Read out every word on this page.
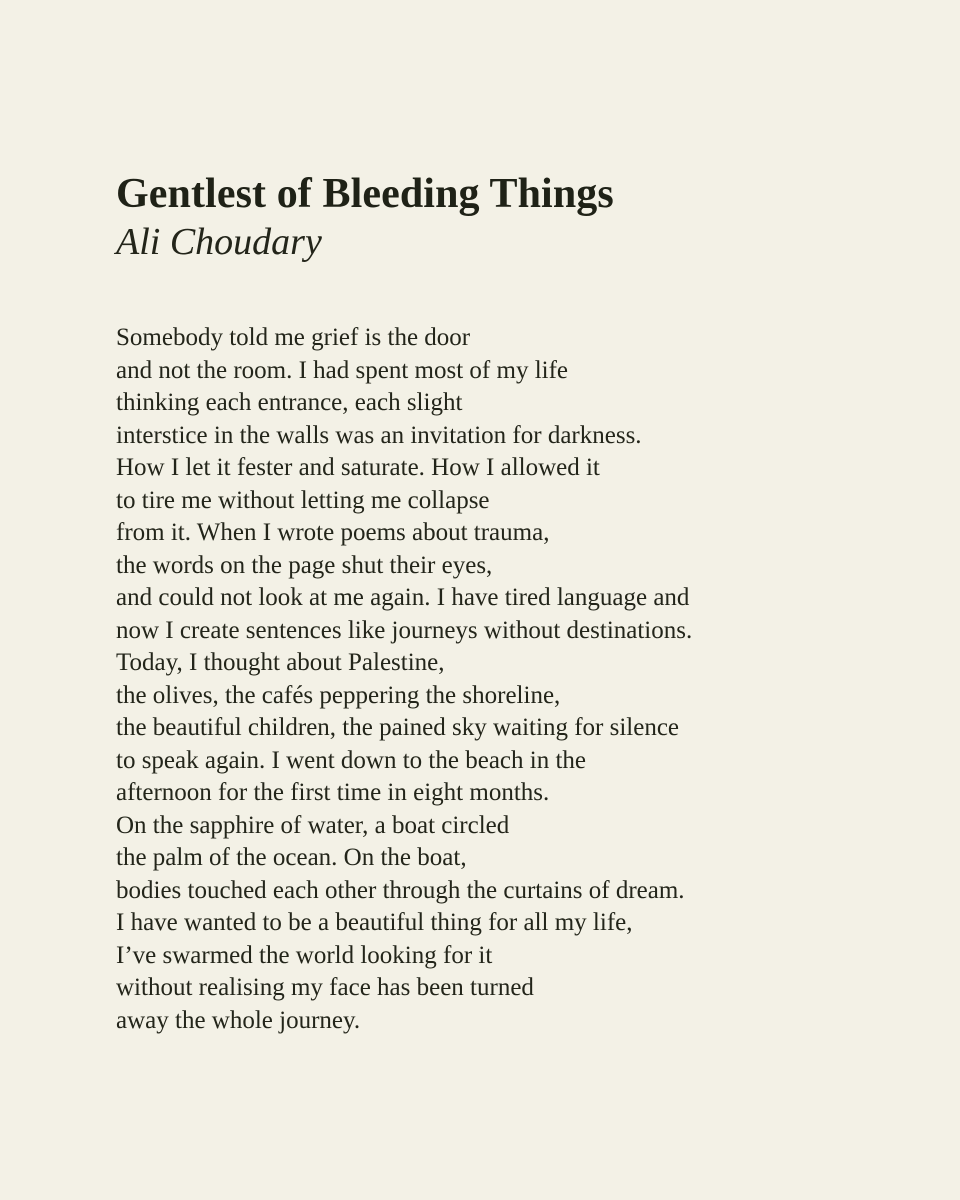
Gentlest of Bleeding Things
Ali Choudary
Somebody told me grief is the door
and not the room. I had spent most of my life
thinking each entrance, each slight
interstice in the walls was an invitation for darkness.
How I let it fester and saturate. How I allowed it
to tire me without letting me collapse
from it. When I wrote poems about trauma,
the words on the page shut their eyes,
and could not look at me again. I have tired language and
now I create sentences like journeys without destinations.
Today, I thought about Palestine,
the olives, the cafés peppering the shoreline,
the beautiful children, the pained sky waiting for silence
to speak again. I went down to the beach in the
afternoon for the first time in eight months.
On the sapphire of water, a boat circled
the palm of the ocean. On the boat,
bodies touched each other through the curtains of dream.
I have wanted to be a beautiful thing for all my life,
I’ve swarmed the world looking for it
without realising my face has been turned
away the whole journey.
